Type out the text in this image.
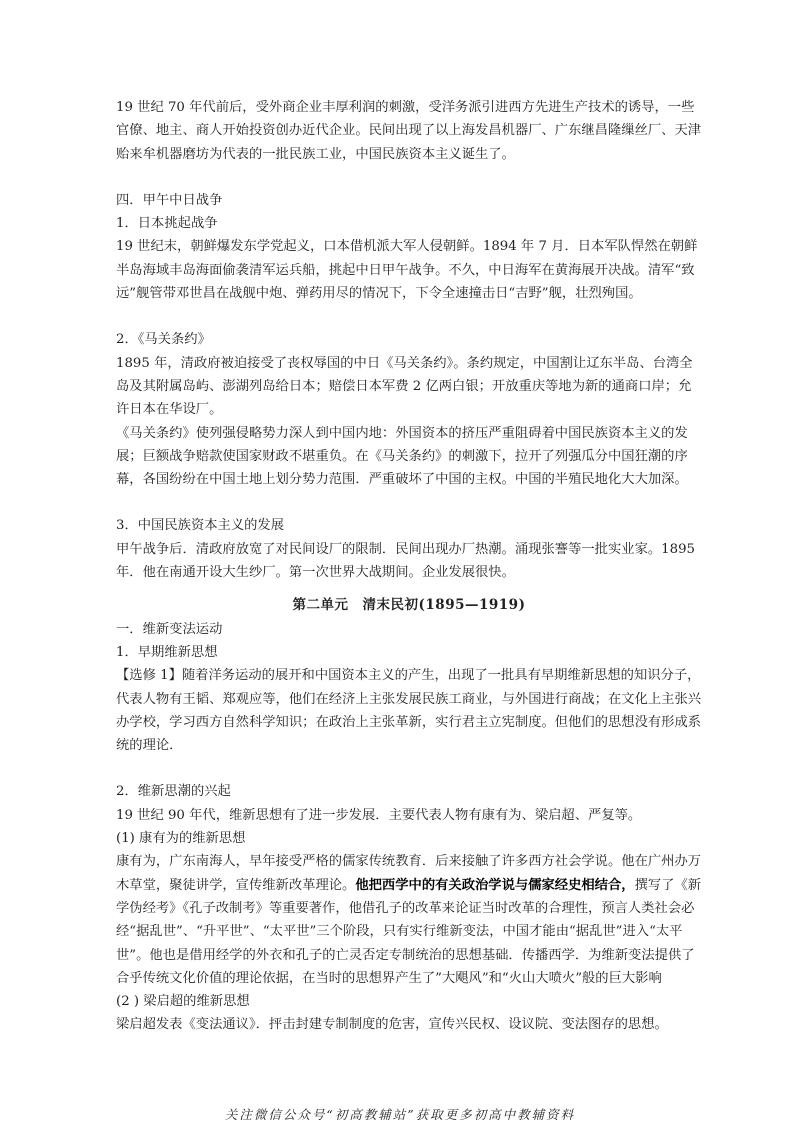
19 世纪 70 年代前后，受外商企业丰厚利润的刺激，受洋务派引进西方先进生产技术的诱导，一些官僚、地主、商人开始投资创办近代企业。民间出现了以上海发昌机器厂、广东继昌隆缫丝厂、天津贻来牟机器磨坊为代表的一批民族工业，中国民族资本主义诞生了。

四．甲午中日战争

1．日本挑起战争

19 世纪末，朝鲜爆发东学党起义，口本借机派大军人侵朝鲜。1894 年 7 月．日本军队悍然在朝鲜半岛海域丰岛海面偷袭清军运兵船，挑起中日甲午战争。不久，中日海军在黄海展开决战。清军“致远”舰管带邓世昌在战舰中炮、弹药用尽的情况下，下令全速撞击日“吉野”舰，壮烈殉国。

2．《马关条约》

1895 年，清政府被迫接受了丧权辱国的中日《马关条约》。条约规定，中国割让辽东半岛、台湾全岛及其附属岛屿、澎湖列岛给日本；赔偿日本军费 2 亿两白银；开放重庆等地为新的通商口岸；允许日本在华设厂。

《马关条约》使列强侵略势力深人到中国内地：外国资本的挤压严重阻碍着中国民族资本主义的发展；巨额战争赔款使国家财政不堪重负。在《马关条约》的刺激下，拉开了列强瓜分中国狂潮的序幕，各国纷纷在中国土地上划分势力范围．严重破坏了中国的主权。中国的半殖民地化大大加深。

3．中国民族资本主义的发展

甲午战争后．清政府放宽了对民间设厂的限制．民间出现办厂热潮。涌现张謇等一批实业家。1895 年．他在南通开设大生纱厂。第一次世界大战期间。企业发展很快。

第二单元　清末民初(1895—1919)

一．维新变法运动

1．早期维新思想

【选修 1】随着洋务运动的展开和中国资本主义的产生，出现了一批具有早期维新思想的知识分子，代表人物有王韬、郑观应等，他们在经济上主张发展民族工商业，与外国进行商战；在文化上主张兴办学校，学习西方自然科学知识；在政治上主张革新，实行君主立宪制度。但他们的思想没有形成系统的理论．

2．维新思潮的兴起

19 世纪 90 年代，维新思想有了进一步发展．主要代表人物有康有为、梁启超、严复等。

(1) 康有为的维新思想

康有为，广东南海人，早年接受严格的儒家传统教育．后来接触了许多西方社会学说。他在广州办万木草堂，聚徒讲学，宣传维新改革理论。他把西学中的有关政治学说与儒家经史相结合，撰写了《新学伪经考》《孔子改制考》等重要著作，他借孔子的改革来论证当时改革的合理性，预言人类社会必经“据乱世”、“升平世”、“太平世”三个阶段，只有实行维新变法，中国才能由“据乱世”进入“太平世”。他也是借用经学的外衣和孔子的亡灵否定专制统治的思想基础．传播西学．为维新变法提供了合乎传统文化价值的理论依据，在当时的思想界产生了”大飓风”和“火山大喷火”般的巨大影响

(2 ) 梁启超的维新思想

梁启超发表《变法通议》．抨击封建专制制度的危害，宣传兴民权、设议院、变法图存的思想。

关注微信公众号“初高教辅站”获取更多初高中教辅资料
